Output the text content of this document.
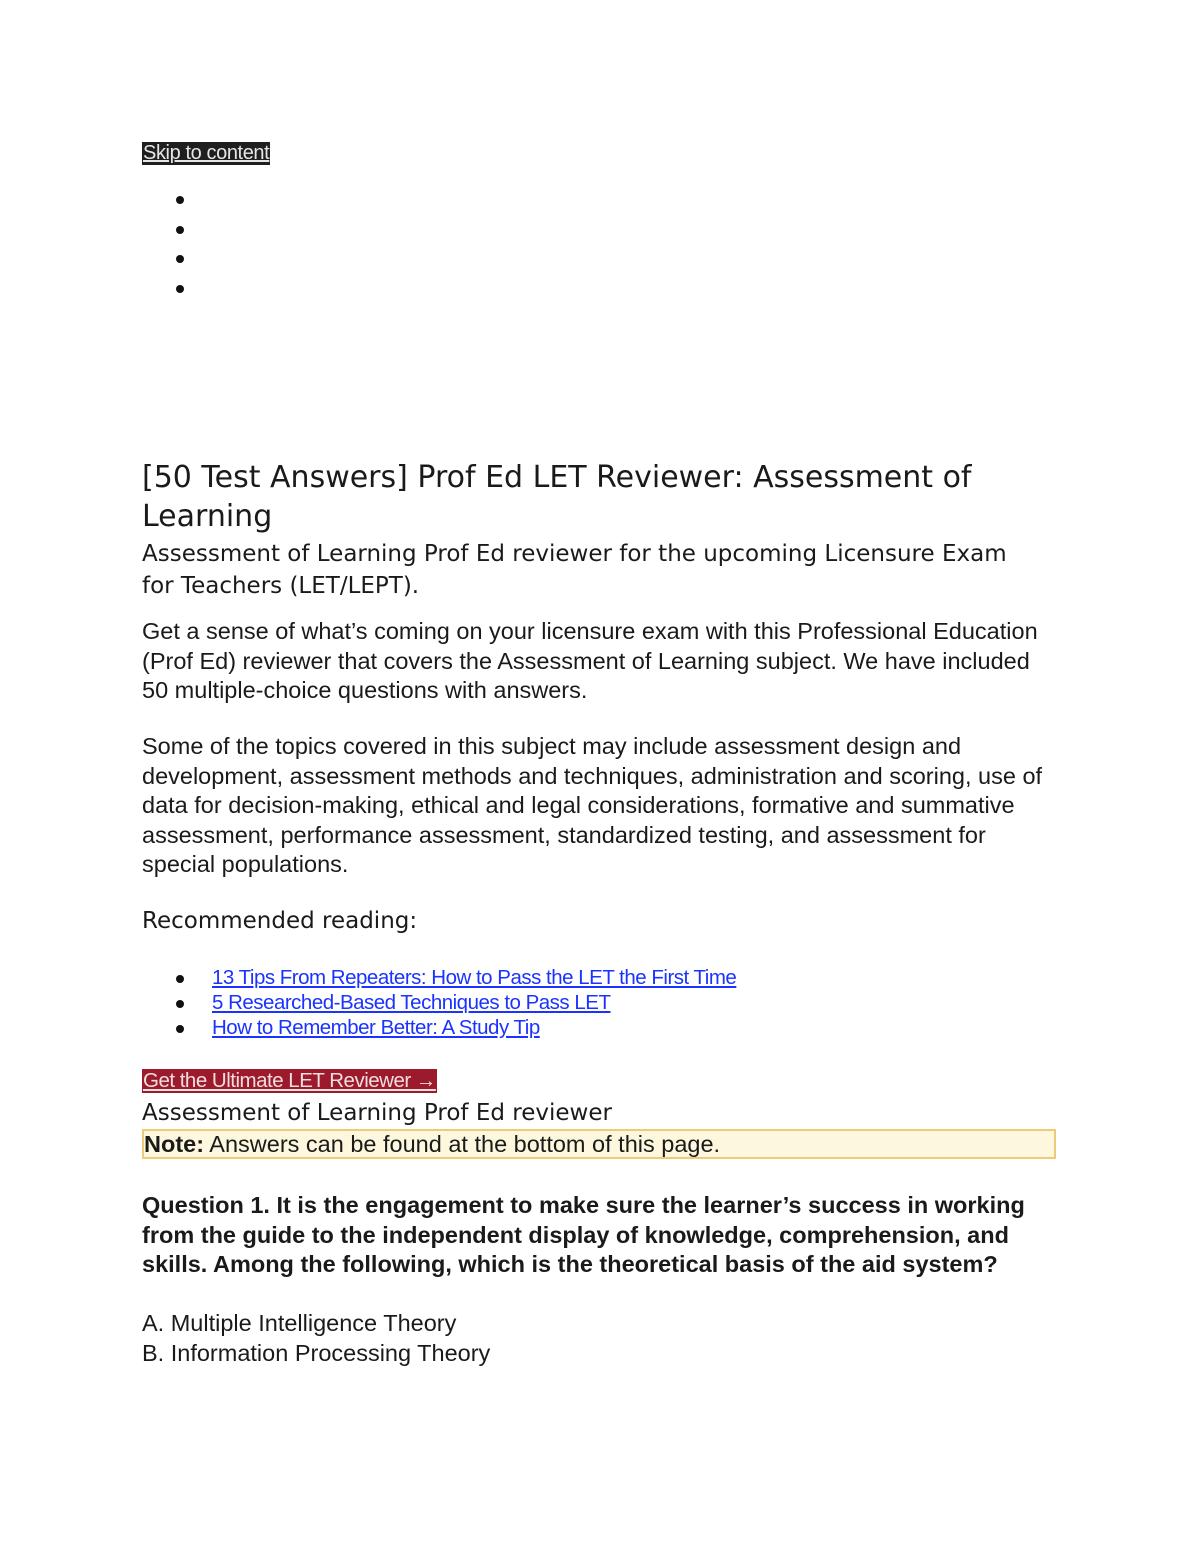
Skip to content
[50 Test Answers] Prof Ed LET Reviewer: Assessment of Learning
Assessment of Learning Prof Ed reviewer for the upcoming Licensure Exam for Teachers (LET/LEPT).

Get a sense of what’s coming on your licensure exam with this Professional Education (Prof Ed) reviewer that covers the Assessment of Learning subject. We have included 50 multiple-choice questions with answers.

Some of the topics covered in this subject may include assessment design and development, assessment methods and techniques, administration and scoring, use of data for decision-making, ethical and legal considerations, formative and summative assessment, performance assessment, standardized testing, and assessment for special populations.

Recommended reading:
13 Tips From Repeaters: How to Pass the LET the First Time
5 Researched-Based Techniques to Pass LET
How to Remember Better: A Study Tip
Get the Ultimate LET Reviewer →
Assessment of Learning Prof Ed reviewer
Note: Answers can be found at the bottom of this page.

Question 1. It is the engagement to make sure the learner’s success in working from the guide to the independent display of knowledge, comprehension, and skills. Among the following, which is the theoretical basis of the aid system?

A. Multiple Intelligence Theory
B. Information Processing Theory
